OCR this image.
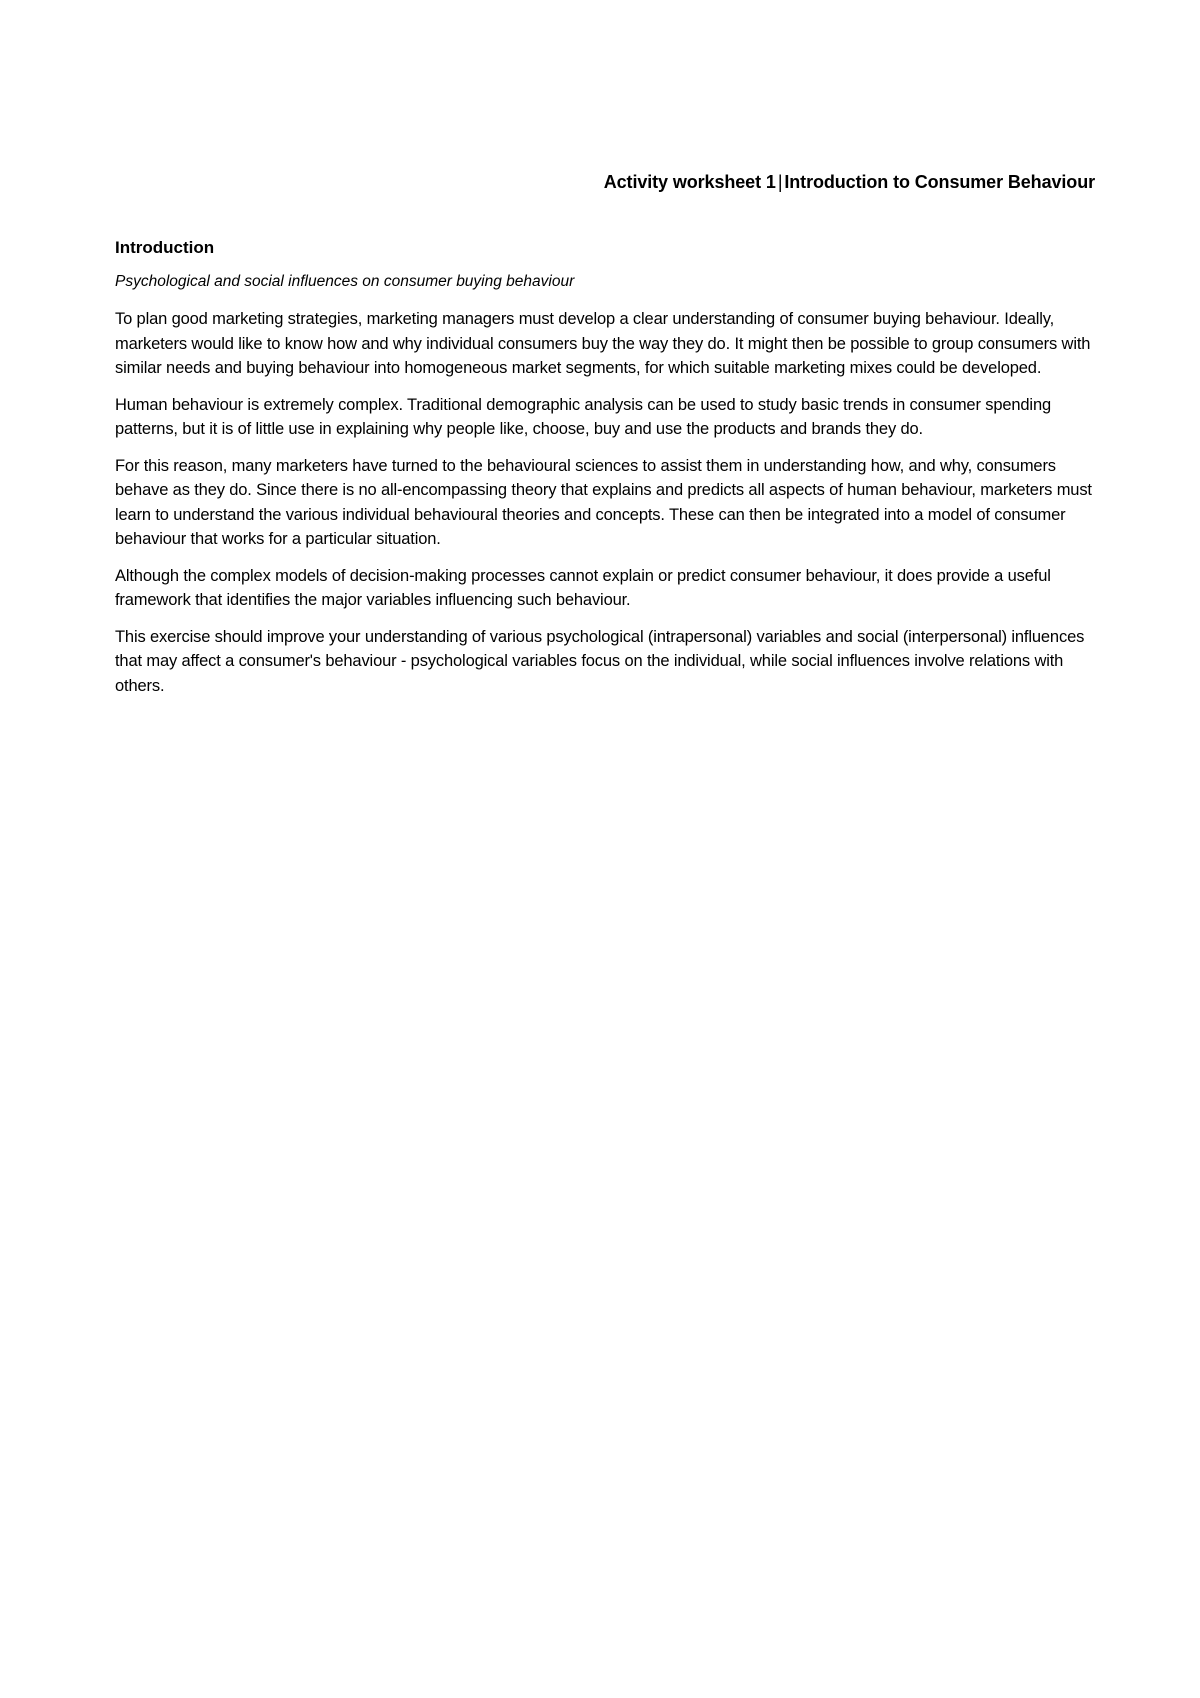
Activity worksheet 1 | Introduction to Consumer Behaviour
Introduction
Psychological and social influences on consumer buying behaviour

To plan good marketing strategies, marketing managers must develop a clear understanding of consumer buying behaviour. Ideally, marketers would like to know how and why individual consumers buy the way they do. It might then be possible to group consumers with similar needs and buying behaviour into homogeneous market segments, for which suitable marketing mixes could be developed.

Human behaviour is extremely complex. Traditional demographic analysis can be used to study basic trends in consumer spending patterns, but it is of little use in explaining why people like, choose, buy and use the products and brands they do.

For this reason, many marketers have turned to the behavioural sciences to assist them in understanding how, and why, consumers behave as they do. Since there is no all-encompassing theory that explains and predicts all aspects of human behaviour, marketers must learn to understand the various individual behavioural theories and concepts. These can then be integrated into a model of consumer behaviour that works for a particular situation.

Although the complex models of decision-making processes cannot explain or predict consumer behaviour, it does provide a useful framework that identifies the major variables influencing such behaviour.

This exercise should improve your understanding of various psychological (intrapersonal) variables and social (interpersonal) influences that may affect a consumer's behaviour - psychological variables focus on the individual, while social influences involve relations with others.
